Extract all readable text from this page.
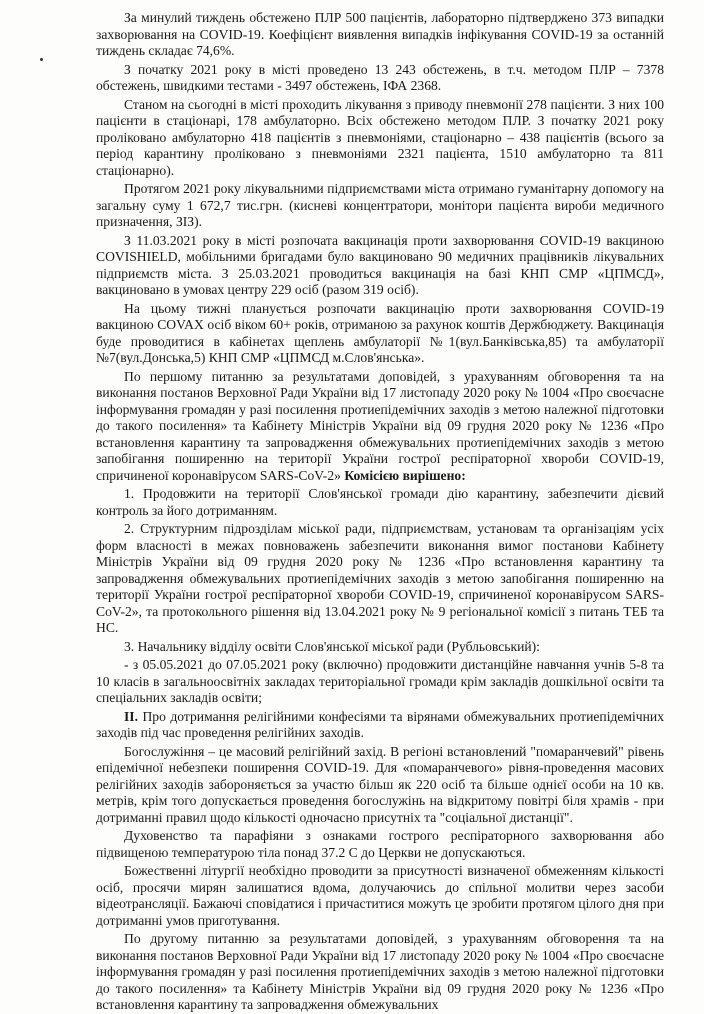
За минулий тиждень обстежено ПЛР 500 пацієнтів, лабораторно підтверджено 373 випадки захворювання на COVID-19. Коефіцієнт виявлення випадків інфікування COVID-19 за останній тиждень складає 74,6%.

З початку 2021 року в місті проведено 13 243 обстежень, в т.ч. методом ПЛР – 7378 обстежень, швидкими тестами - 3497 обстежень, ІФА 2368.

Станом на сьогодні в місті проходить лікування з приводу пневмонії 278 пацієнти. З них 100 пацієнти в стаціонарі, 178 амбулаторно. Всіх обстежено методом ПЛР. З початку 2021 року проліковано амбулаторно 418 пацієнтів з пневмоніями, стаціонарно – 438 пацієнтів (всього за період карантину проліковано з пневмоніями 2321 пацієнта, 1510 амбулаторно та 811 стаціонарно).

Протягом 2021 року лікувальними підприємствами міста отримано гуманітарну допомогу на загальну суму 1 672,7 тис.грн. (кисневі концентратори, монітори пацієнта вироби медичного призначення, ЗІЗ).

З 11.03.2021 року в місті розпочата вакцинація проти захворювання COVID-19 вакциною COVISHIELD, мобільними бригадами було вакциновано 90 медичних працівників лікувальних підприємств міста. З 25.03.2021 проводиться вакцинація на базі КНП СМР «ЦПМСД», вакциновано в умовах центру 229 осіб (разом 319 осіб).

На цьому тижні планується розпочати вакцинацію проти захворювання COVID-19 вакциною COVAX осіб віком 60+ років, отриманою за рахунок коштів Держбюджету. Вакцинація буде проводитися в кабінетах щеплень амбулаторії №1(вул.Банківська,85) та амбулаторії №7(вул.Донська,5) КНП СМР «ЦПМСД м.Слов'янська».

По першому питанню за результатами доповідей, з урахуванням обговорення та на виконання постанов Верховної Ради України від 17 листопаду 2020 року № 1004 «Про своєчасне інформування громадян у разі посилення протиепідемічних заходів з метою належної підготовки до такого посилення» та Кабінету Міністрів України від 09 грудня 2020 року № 1236 «Про встановлення карантину та запровадження обмежувальних протиепідемічних заходів з метою запобігання поширенню на території України гострої респіраторної хвороби COVID-19, спричиненої коронавірусом SARS-CoV-2» Комісією вирішено:

1. Продовжити на території Слов'янської громади дію карантину, забезпечити дієвий контроль за його дотриманням.

2. Структурним підрозділам міської ради, підприємствам, установам та організаціям усіх форм власності в межах повноважень забезпечити виконання вимог постанови Кабінету Міністрів України від 09 грудня 2020 року № 1236 «Про встановлення карантину та запровадження обмежувальних протиепідемічних заходів з метою запобігання поширенню на території України гострої респіраторної хвороби COVID-19, спричиненої коронавірусом SARS-CoV-2», та протокольного рішення від 13.04.2021 року № 9 регіональної комісії з питань ТЕБ та НС.

3. Начальнику відділу освіти Слов'янської міської ради (Рубльовський):

- з 05.05.2021 до 07.05.2021 року (включно) продовжити дистанційне навчання учнів 5-8 та 10 класів в загальноосвітніх закладах територіальної громади крім закладів дошкільної освіти та спеціальних закладів освіти;

II. Про дотримання релігійними конфесіями та вірянами обмежувальних протиепідемічних заходів під час проведення релігійних заходів.

Богослужіння – це масовий релігійний захід. В регіоні встановлений "помаранчевий" рівень епідемічної небезпеки поширення COVID-19. Для «помаранчевого» рівня-проведення масових релігійних заходів забороняється за участю більш як 220 осіб та більше однієї особи на 10 кв. метрів, крім того допускається проведення богослужінь на відкритому повітрі біля храмів - при дотриманні правил щодо кількості одночасно присутніх та "соціальної дистанції".

Духовенство та парафіяни з ознаками гострого респіраторного захворювання або підвищеною температурою тіла понад 37.2 С до Церкви не допускаються.

Божественні літургії необхідно проводити за присутності визначеної обмеженням кількості осіб, просячи мирян залишатися вдома, долучаючись до спільної молитви через засоби відеотрансляції. Бажаючі сповідатися і причаститися можуть це зробити протягом цілого дня при дотриманні умов приготування.

По другому питанню за результатами доповідей, з урахуванням обговорення та на виконання постанов Верховної Ради України від 17 листопаду 2020 року № 1004 «Про своєчасне інформування громадян у разі посилення протиепідемічних заходів з метою належної підготовки до такого посилення» та Кабінету Міністрів України від 09 грудня 2020 року № 1236 «Про встановлення карантину та запровадження обмежувальних
